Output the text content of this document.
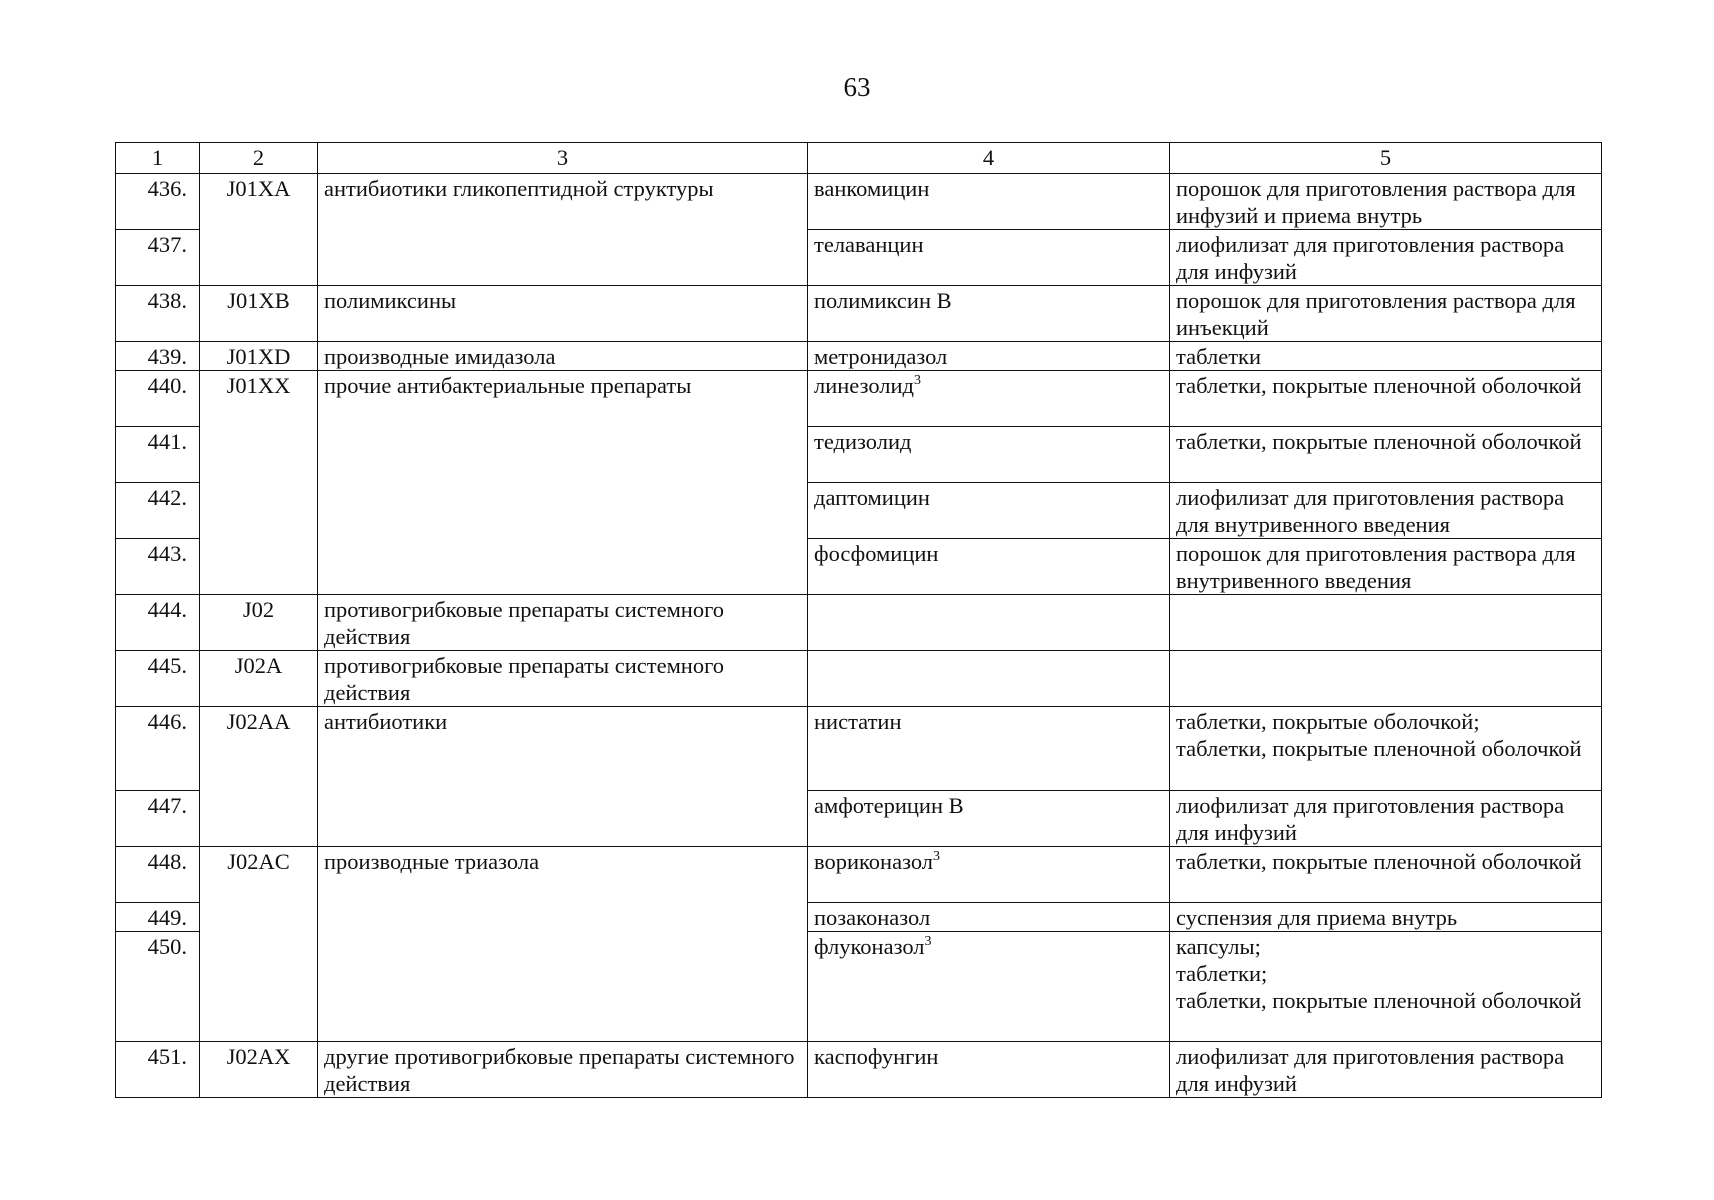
63
1	2	3	4	5
436.	J01XA	антибиотики гликопептидной структуры	ванкомицин	порошок для приготовления раствора для инфузий и приема внутрь
437.			телаванцин	лиофилизат для приготовления раствора для инфузий
438.	J01XB	полимиксины	полимиксин В	порошок для приготовления раствора для инъекций
439.	J01XD	производные имидазола	метронидазол	таблетки
440.	J01XX	прочие антибактериальные препараты	линезолид$^3$	таблетки, покрытые пленочной оболочкой
441.			тедизолид	таблетки, покрытые пленочной оболочкой
442.			даптомицин	лиофилизат для приготовления раствора для внутривенного введения
443.			фосфомицин	порошок для приготовления раствора для внутривенного введения
444.	J02	противогрибковые препараты системного действия		
445.	J02A	противогрибковые препараты системного действия		
446.	J02AA	антибиотики	нистатин	таблетки, покрытые оболочкой;
таблетки, покрытые пленочной оболочкой
447.			амфотерицин В	лиофилизат для приготовления раствора для инфузий
448.	J02AC	производные триазола	вориконазол$^3$	таблетки, покрытые пленочной оболочкой
449.			позаконазол	суспензия для приема внутрь
450.			флуконазол$^3$	капсулы;
таблетки;
таблетки, покрытые пленочной оболочкой
451.	J02AX	другие противогрибковые препараты системного действия	каспофунгин	лиофилизат для приготовления раствора для инфузий
